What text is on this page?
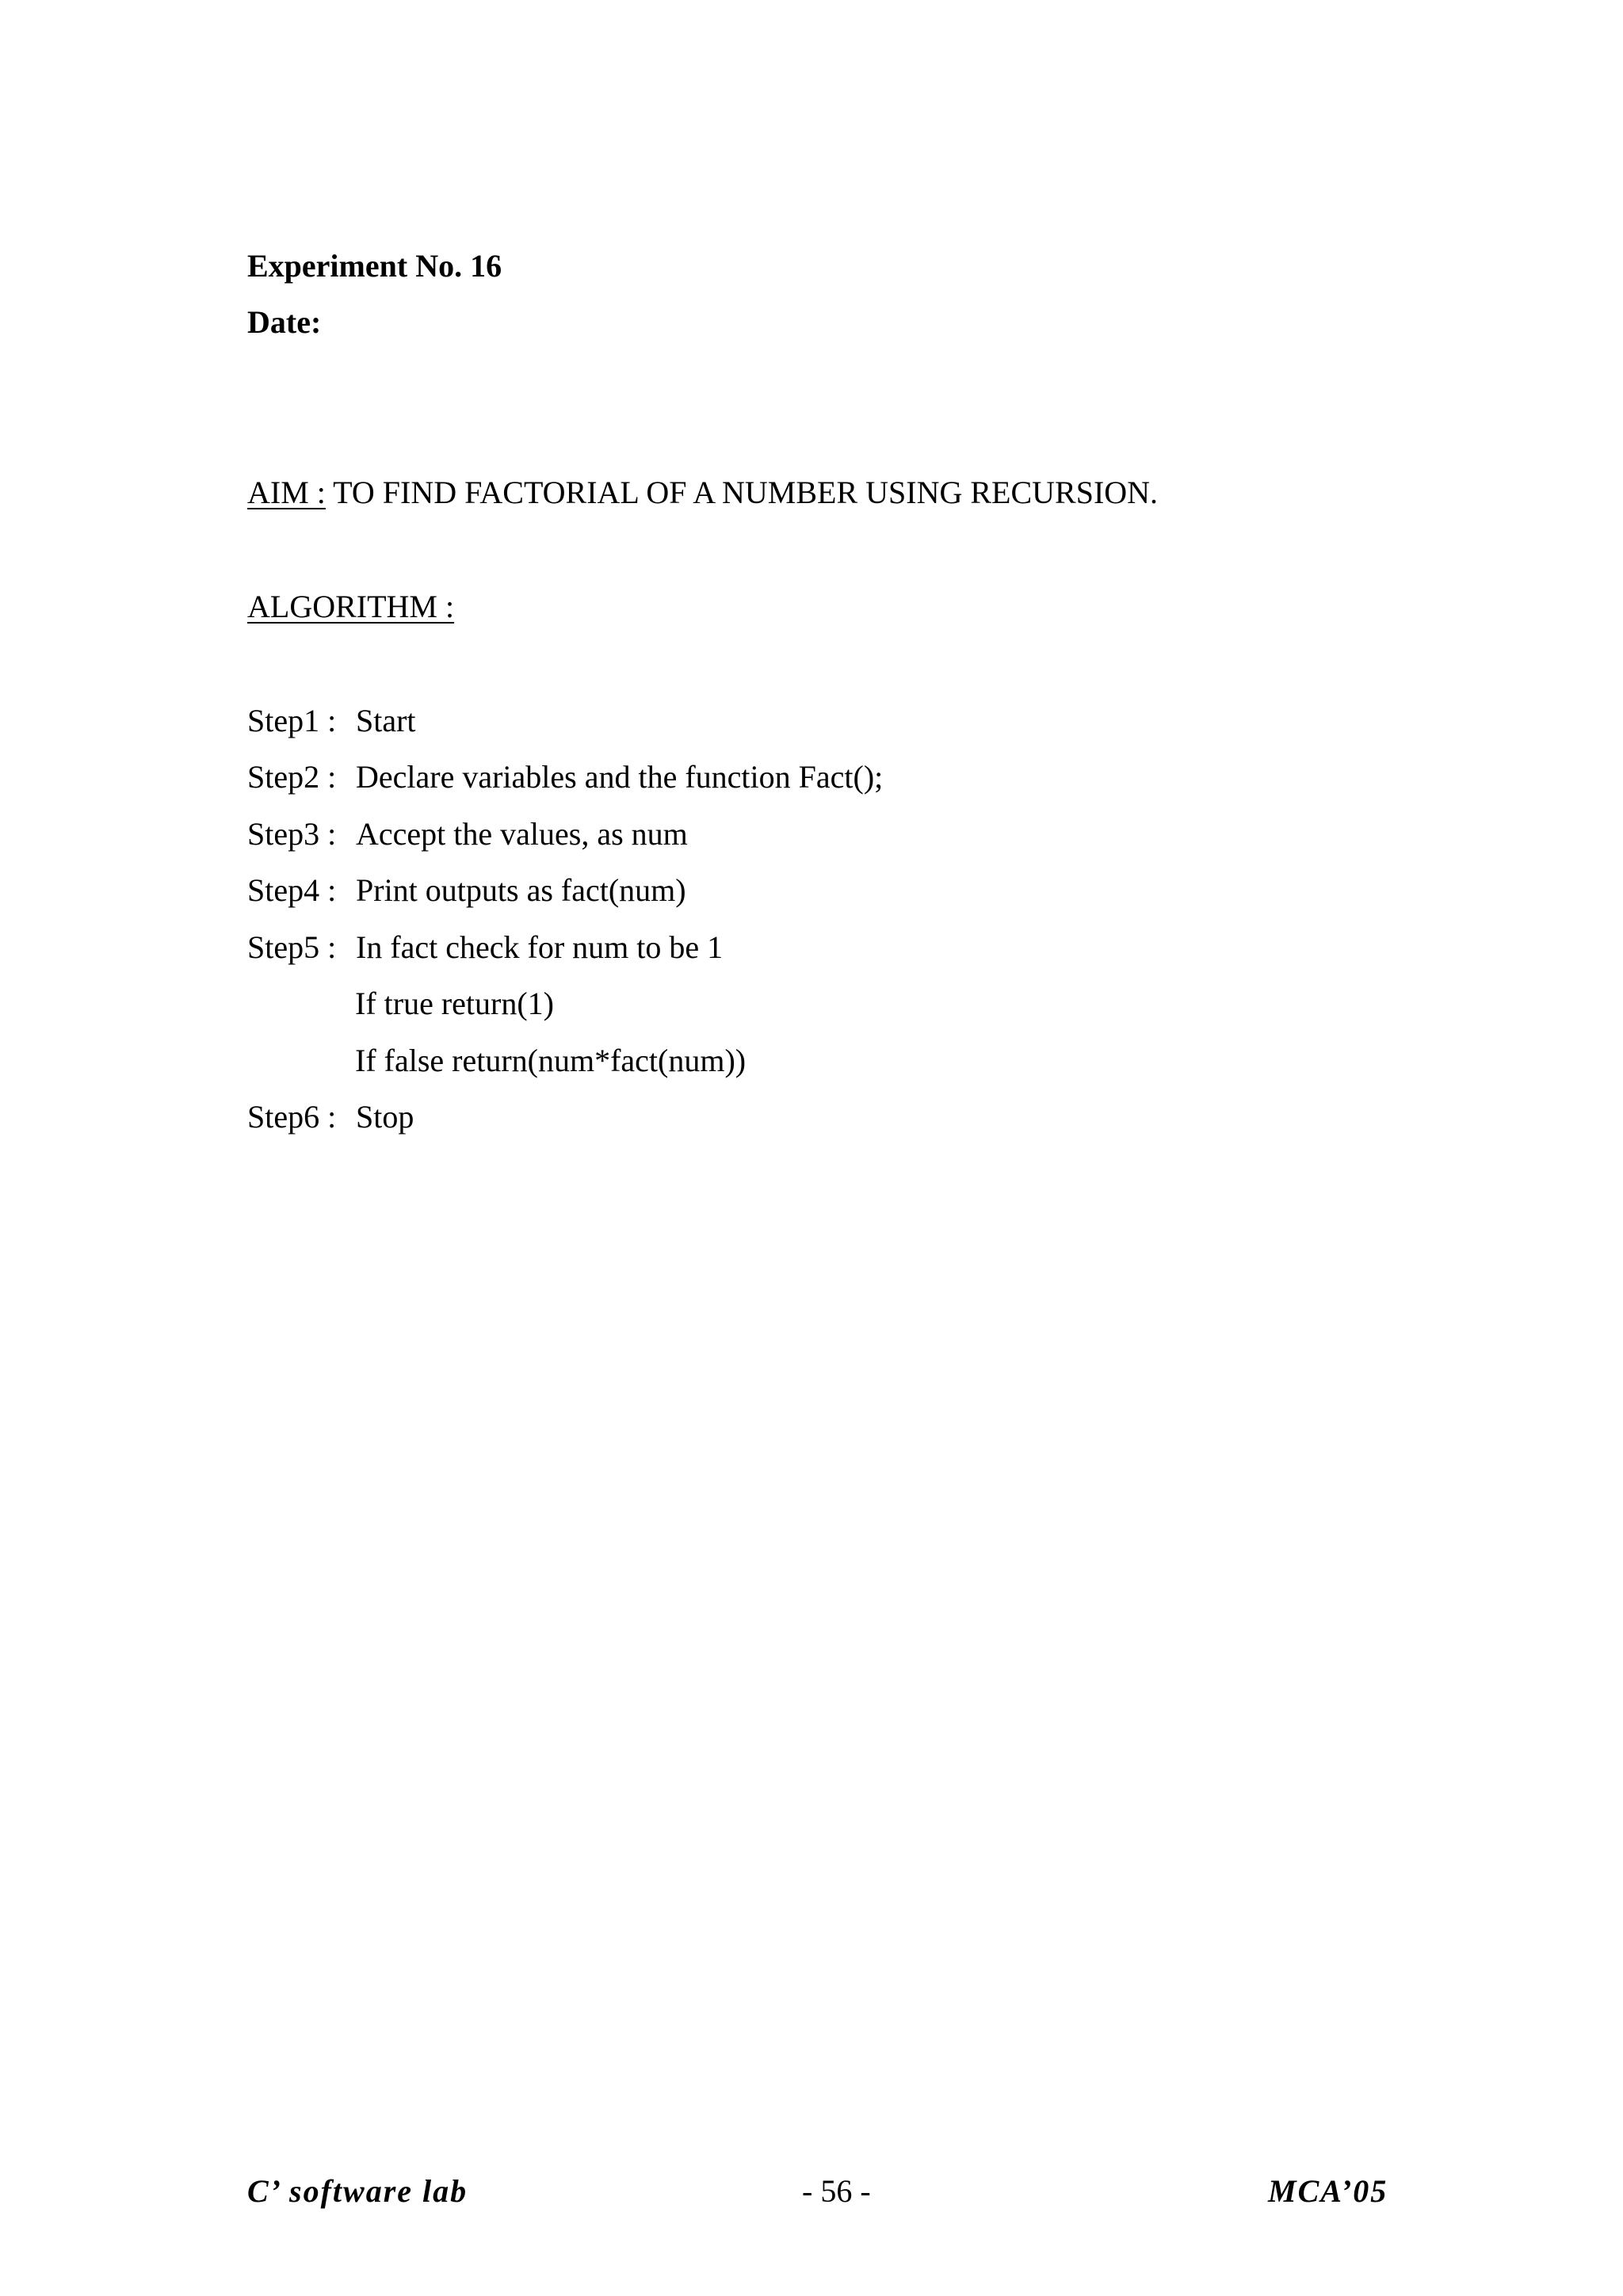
Experiment No. 16
Date:
AIM : TO FIND FACTORIAL OF A NUMBER USING RECURSION.
ALGORITHM :
Step1 : Start
Step2 : Declare variables and the function Fact();
Step3 : Accept the values, as num
Step4 : Print outputs as fact(num)
Step5 : In fact check for num to be 1
If true return(1)
If false return(num*fact(num))
Step6 : Stop
C’ software lab	- 56 -	MCA’05
